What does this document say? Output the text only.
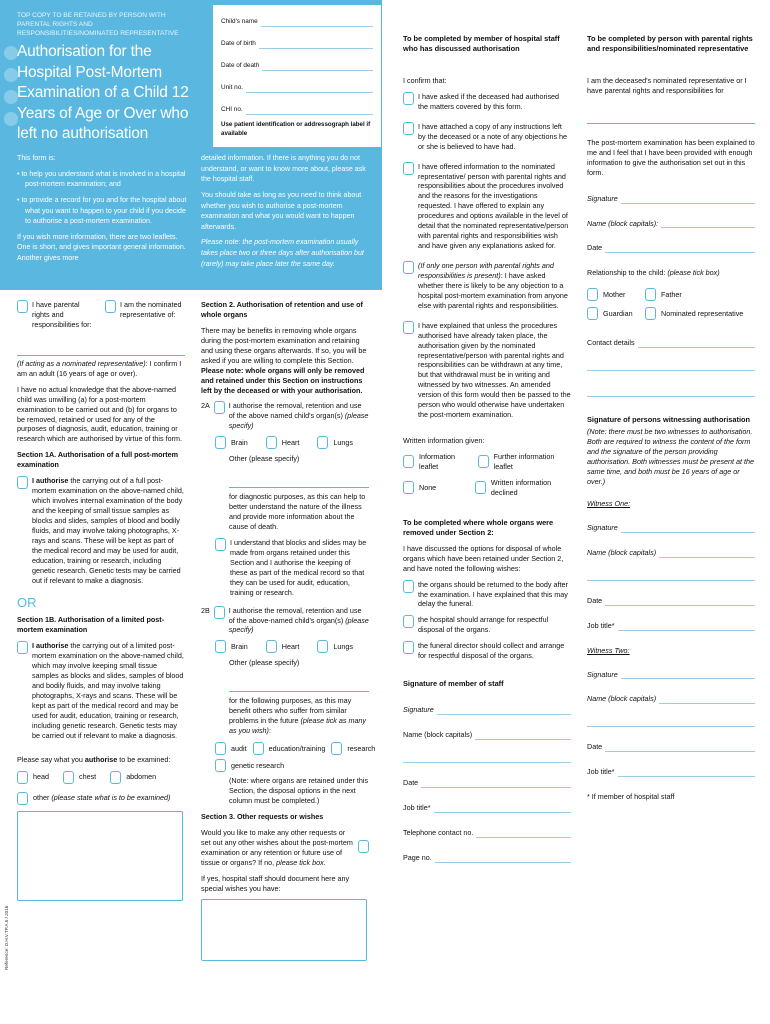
TOP COPY TO BE RETAINED BY PERSON WITH PARENTAL RIGHTS AND RESPONSIBILITIES/NOMINATED REPRESENTATIVE
Authorisation for the Hospital Post-Mortem Examination of a Child 12 Years of Age or Over who left no authorisation
Child's name
Date of birth
Date of death
Unit no.
CHI no.
Use patient identification or addressograph label if available

This form is:

• to help you understand what is involved in a hospital post-mortem examination; and

• to provide a record for you and for the hospital about what you want to happen to your child if you decide to authorise a post-mortem examination.

If you wish more information, there are two leaflets. One is short, and gives important general information. Another gives more

detailed information. If there is anything you do not understand, or want to know more about, please ask the hospital staff.

You should take as long as you need to think about whether you wish to authorise a post-mortem examination and what you would want to happen afterwards.

Please note: the post-mortem examination usually takes place two or three days after authorisation but (rarely) may take place later the same day.

I have parental rights and responsibilities for:
I am the nominated representative of:

(If acting as a nominated representative): I confirm I am an adult (16 years of age or over).

I have no actual knowledge that the above-named child was unwilling (a) for a post-mortem examination to be carried out and (b) for organs to be removed, retained or used for any of the purposes of diagnosis, audit, education, training or research which are authorised by virtue of this form.

Section 1A. Authorisation of a full post-mortem examination

I authorise the carrying out of a full post-mortem examination on the above-named child, which involves internal examination of the body and the keeping of small tissue samples as blocks and slides, samples of blood and bodily fluids, and may involve taking photographs, X-rays and scans. These will be kept as part of the medical record and may be used for audit, education, training or research, including genetic research. Genetic tests may be carried out if relevant to make a diagnosis.
OR

Section 1B. Authorisation of a limited post-mortem examination

I authorise the carrying out of a limited post-mortem examination on the above-named child, which may involve keeping small tissue samples as blocks and slides, samples of blood and bodily fluids, and may involve taking photographs, X-rays and scans. These will be kept as part of the medical record and may be used for audit, education, training or research, including genetic research. Genetic tests may be carried out if relevant to make a diagnosis.

Please say what you authorise to be examined:

head	chest	abdomen
other (please state what is to be examined)

Section 2. Authorisation of retention and use of whole organs

There may be benefits in removing whole organs during the post-mortem examination and retaining and using these organs afterwards. If so, you will be asked if you are willing to complete this Section. Please note: whole organs will only be removed and retained under this Section on instructions left by the deceased or with your authorisation.

2A	I authorise the removal, retention and use of the above named child's organ(s) (please specify)
Brain	Heart	Lungs

Other (please specify)

for diagnostic purposes, as this can help to better understand the nature of the illness and provide more information about the cause of death.

I understand that blocks and slides may be made from organs retained under this Section and I authorise the keeping of these as part of the medical record so that they can be used for audit, education, training or research.
2B	I authorise the removal, retention and use of the above-named child's organ(s) (please specify)
Brain	Heart	Lungs

Other (please specify)

for the following purposes, as this may benefit others who suffer from similar problems in the future (please tick as many as you wish):

audit	education/training	research
genetic research

(Note: where organs are retained under this Section, the disposal options in the next column must be completed.)

Section 3. Other requests or wishes

Would you like to make any other requests or set out any other wishes about the post-mortem examination or any retention or future use of tissue or organs? If no, please tick box.

If yes, hospital staff should document here any special wishes you have:

To be completed by member of hospital staff who has discussed authorisation

I confirm that:

I have asked if the deceased had authorised the matters covered by this form.
I have attached a copy of any instructions left by the deceased or a note of any objections he or she is believed to have had.
I have offered information to the nominated representative/ person with parental rights and responsibilities about the procedures involved and the reasons for the investigations requested. I have offered to explain any procedures and options available in the level of detail that the nominated representative/person with parental rights and responsibilities wish and have given any explanations asked for.
(If only one person with parental rights and responsibilities is present): I have asked whether there is likely to be any objection to a hospital post-mortem examination from anyone else with parental rights and responsibilities.
I have explained that unless the procedures authorised have already taken place, the authorisation given by the nominated representative/person with parental rights and responsibilities can be withdrawn at any time, but that withdrawal must be in writing and witnessed by two witnesses. An amended version of this form would then be passed to the person who would otherwise have undertaken the post-mortem examination.

Written information given:

Information leaflet
Further information leaflet
None
Written information declined

To be completed where whole organs were removed under Section 2:

I have discussed the options for disposal of whole organs which have been retained under Section 2, and have noted the following wishes:

the organs should be returned to the body after the examination. I have explained that this may delay the funeral.
the hospital should arrange for respectful disposal of the organs.
the funeral director should collect and arrange for respectful disposal of the organs.

Signature of member of staff

Signature
Name (block capitals)
Date
Job title*
Telephone contact no.
Page no.

To be completed by person with parental rights and responsibilities/nominated representative

I am the deceased's nominated representative or I have parental rights and responsibilities for

The post-mortem examination has been explained to me and I feel that I have been provided with enough information to give the authorisation set out in this form.

Signature
Name (block capitals):
Date

Relationship to the child: (please tick box)

Mother	Father
Guardian	Nominated representative
Contact details

Signature of persons witnessing authorisation

(Note: there must be two witnesses to authorisation. Both are required to witness the content of the form and the signature of the person providing authorisation. Both witnesses must be present at the same time, and both must be 16 years of age or over.)

Witness One:

Signature
Name (block capitals)
Date
Job title*

Witness Two:

Signature
Name (block capitals)
Date
Job title*

* If member of hospital staff

Reference: D.H.V.TP.A.5 / 2016
